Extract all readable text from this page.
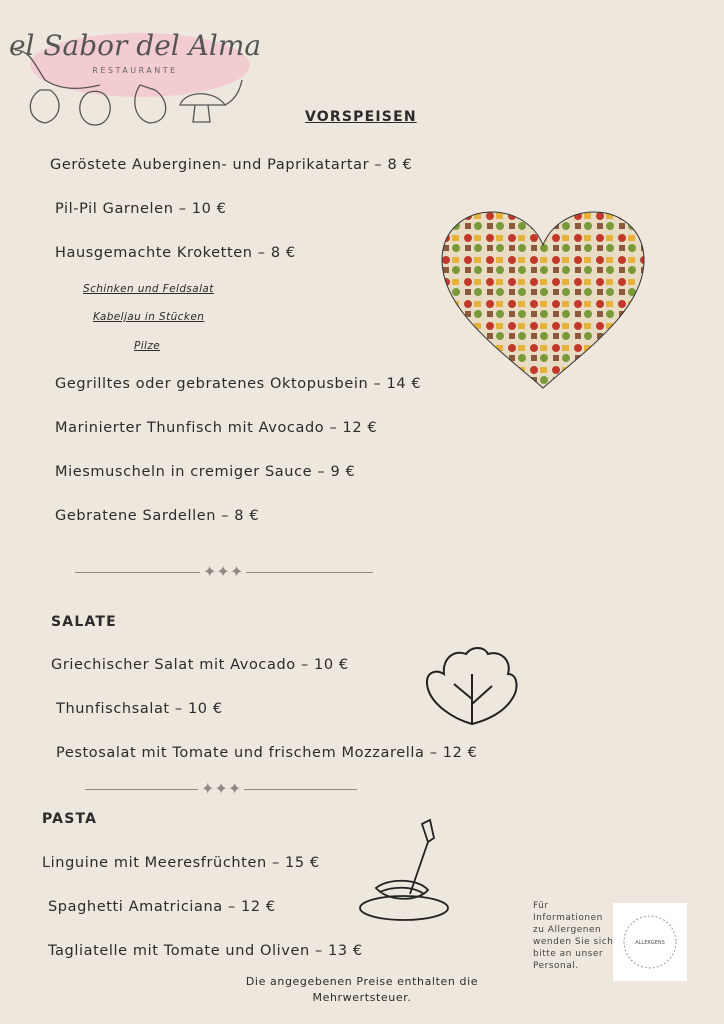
el Sabor del Alma
RESTAURANTE
VORSPEISEN
Geröstete Auberginen- und Paprikatartar – 8 €
Pil-Pil Garnelen – 10 €
Hausgemachte Kroketten – 8 €
Schinken und Feldsalat
Kabeljau in Stücken
Pilze
Gegrilltes oder gebratenes Oktopusbein – 14 €
Marinierter Thunfisch mit Avocado – 12 €
Miesmuscheln in cremiger Sauce – 9 €
Gebratene Sardellen – 8 €
✦✦✦
SALATE
Griechischer Salat mit Avocado – 10 €
Thunfischsalat – 10 €
Pestosalat mit Tomate und frischem Mozzarella – 12 €
✦✦✦
PASTA
Linguine mit Meeresfrüchten – 15 €
Spaghetti Amatriciana – 12 €
Tagliatelle mit Tomate und Oliven – 13 €
Für Informationen zu Allergenen wenden Sie sich bitte an unser Personal.
ALLERGENS
Die angegebenen Preise enthalten die
Mehrwertsteuer.
